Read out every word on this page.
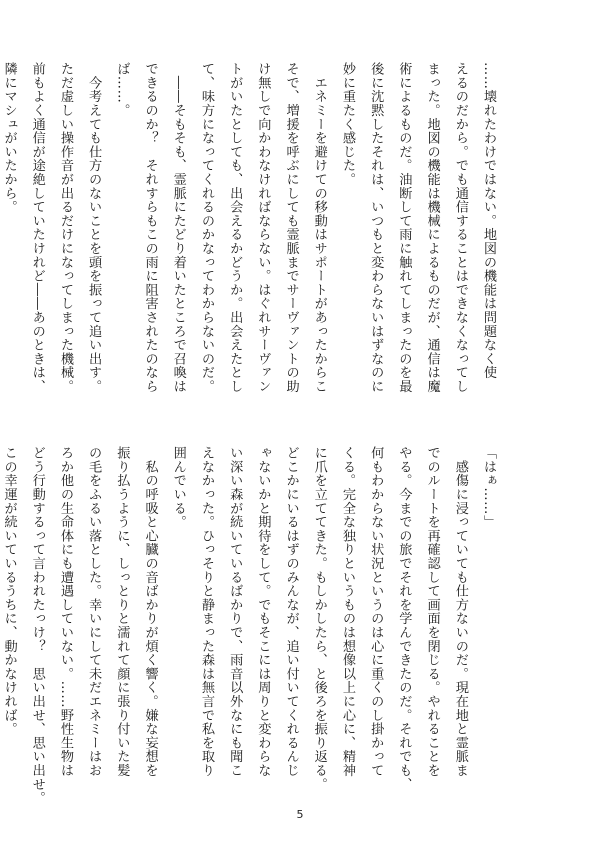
……壊れたわけではない。地図の機能は問題なく使
えるのだから。でも通信することはできなくなってし
まった。地図の機能は機械によるものだが、通信は魔
術によるものだ。油断して雨に触れてしまったのを最
後に沈黙したそれは、いつもと変わらないはずなのに
妙に重たく感じた。
　エネミーを避けての移動はサポートがあったからこ
そで、増援を呼ぶにしても霊脈までサーヴァントの助
け無しで向かわなければならない。はぐれサーヴァン
トがいたとしても、出会えるかどうか。出会えたとし
て、味方になってくれるのかなってわからないのだ。
　――そもそも、霊脈にたどり着いたところで召喚は
できるのか？　それすらもこの雨に阻害されたのなら
ば……。
　今考えても仕方のないことを頭を振って追い出す。
ただ虚しい操作音が出るだけになってしまった機械。
前もよく通信が途絶していたけれど――あのときは、
隣にマシュがいたから。
「はぁ……」
　感傷に浸っていても仕方ないのだ。現在地と霊脈ま
でのルートを再確認して画面を閉じる。やれることを
やる。今までの旅でそれを学んできたのだ。それでも、
何もわからない状況というのは心に重くのし掛かって
くる。完全な独りというものは想像以上に心に、精神
に爪を立ててきた。もしかしたら、と後ろを振り返る。
どこかにいるはずのみんなが、追い付いてくれるんじ
ゃないかと期待をして。でもそこには周りと変わらな
い深い森が続いているばかりで、雨音以外なにも聞こ
えなかった。ひっそりと静まった森は無言で私を取り
囲んでいる。
　私の呼吸と心臓の音ばかりが煩く響く。嫌な妄想を
振り払うように、しっとりと濡れて顔に張り付いた髪
の毛をふるい落とした。幸いにして未だエネミーはお
ろか他の生命体にも遭遇していない。……野性生物は
どう行動するって言われたっけ？　思い出せ、思い出せ。
この幸運が続いているうちに、動かなければ。
5
